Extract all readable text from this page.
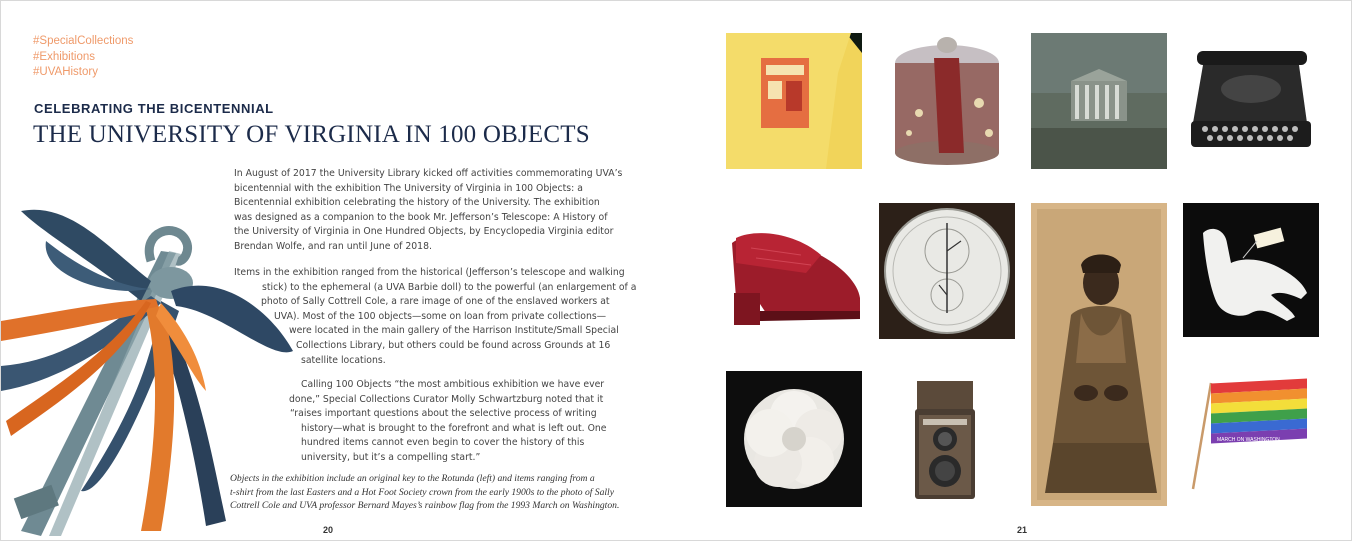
#SpecialCollections
#Exhibitions
#UVAHistory
CELEBRATING THE BICENTENNIAL
THE UNIVERSITY OF VIRGINIA IN 100 OBJECTS
In August of 2017 the University Library kicked off activities commemorating UVA’s
bicentennial with the exhibition The University of Virginia in 100 Objects: a
Bicentennial exhibition celebrating the history of the University. The exhibition
was designed as a companion to the book Mr. Jefferson’s Telescope: A History of
the University of Virginia in One Hundred Objects, by Encyclopedia Virginia editor
Brendan Wolfe, and ran until June of 2018.
Items in the exhibition ranged from the historical (Jefferson’s telescope and walking
stick) to the ephemeral (a UVA Barbie doll) to the powerful (an enlargement of a
photo of Sally Cottrell Cole, a rare image of one of the enslaved workers at
UVA). Most of the 100 objects—some on loan from private collections—
were located in the main gallery of the Harrison Institute/Small Special
Collections Library, but others could be found across Grounds at 16
satellite locations.
Calling 100 Objects “the most ambitious exhibition we have ever
done,” Special Collections Curator Molly Schwartzburg noted that it
“raises important questions about the selective process of writing
history—what is brought to the forefront and what is left out. One
hundred items cannot even begin to cover the history of this
university, but it’s a compelling start.”
Objects in the exhibition include an original key to the Rotunda (left) and items ranging from a
t-shirt from the last Easters and a Hot Foot Society crown from the early 1900s to the photo of Sally
Cottrell Cole and UVA professor Bernard Mayes’s rainbow flag from the 1993 March on Washington.
20	21
MARCH ON WASHINGTON
